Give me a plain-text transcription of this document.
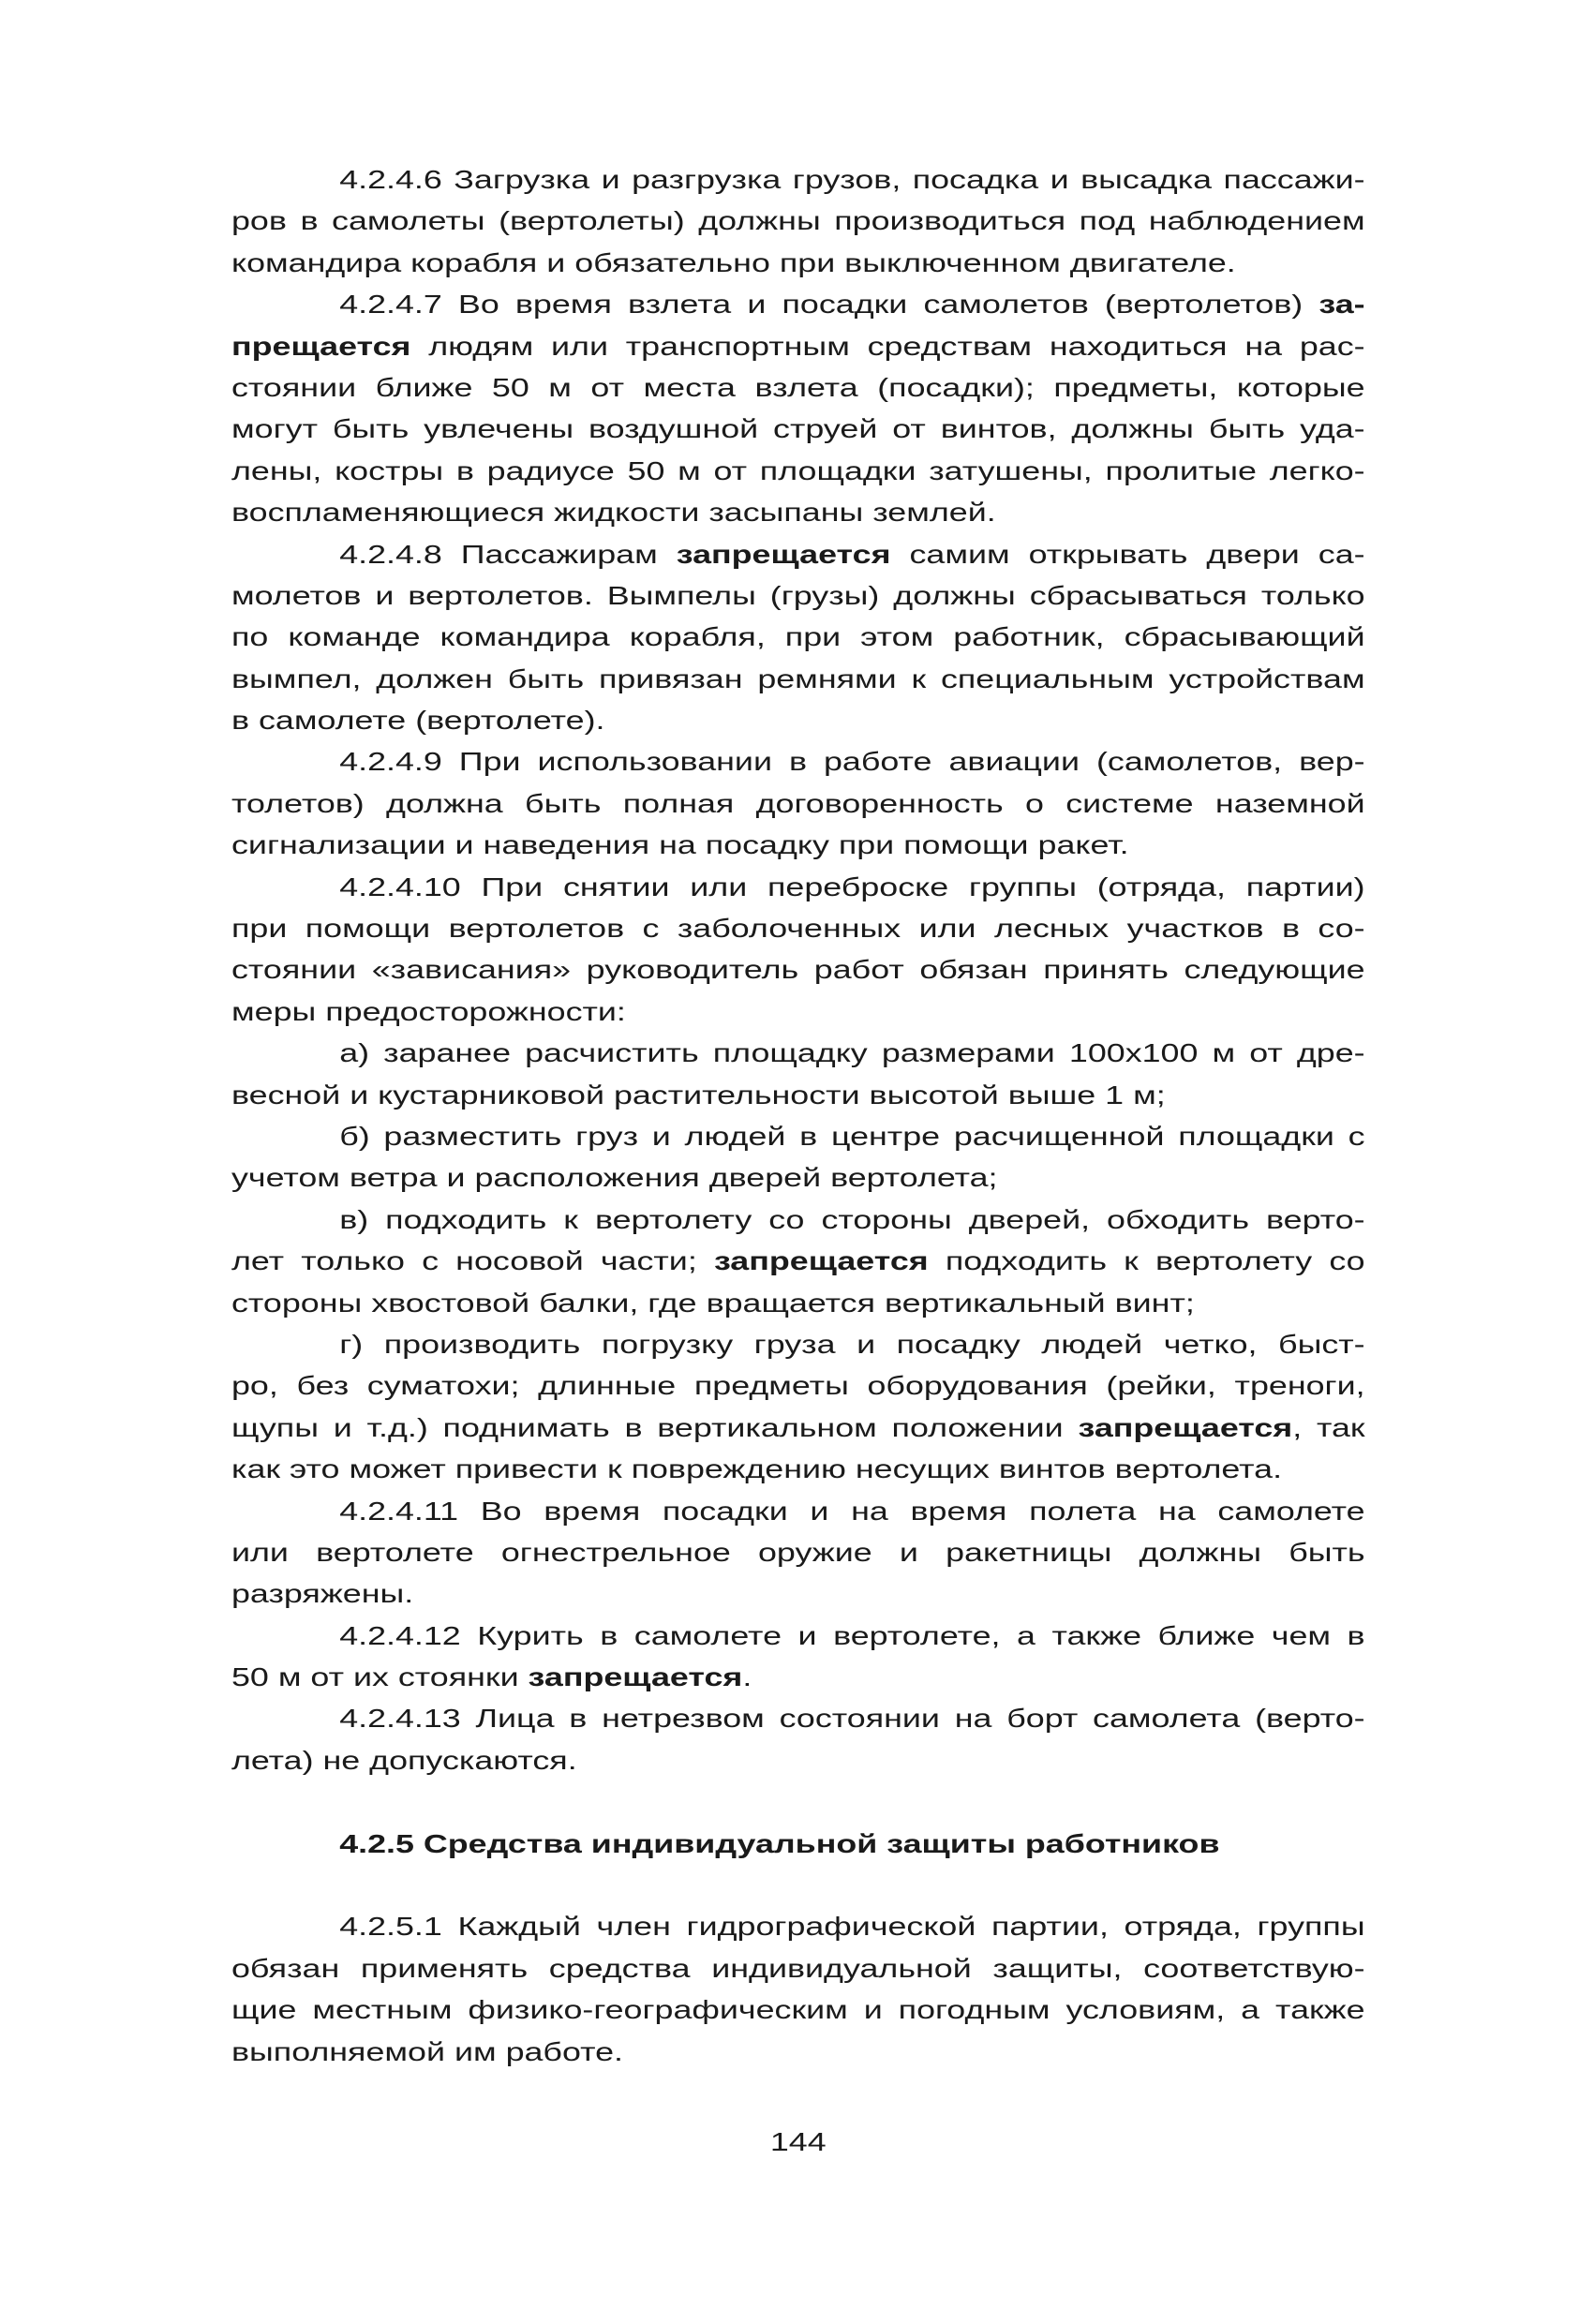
4.2.4.6 Загрузка и разгрузка грузов, посадка и высадка пассажи-
ров в самолеты (вертолеты) должны производиться под наблюдением
командира корабля и обязательно при выключенном двигателе.
4.2.4.7 Во время взлета и посадки самолетов (вертолетов) за-
прещается людям или транспортным средствам находиться на рас-
стоянии ближе 50 м от места взлета (посадки); предметы, которые
могут быть увлечены воздушной струей от винтов, должны быть уда-
лены, костры в радиусе 50 м от площадки затушены, пролитые легко-
воспламеняющиеся жидкости засыпаны землей.
4.2.4.8 Пассажирам запрещается самим открывать двери са-
молетов и вертолетов. Вымпелы (грузы) должны сбрасываться только
по команде командира корабля, при этом работник, сбрасывающий
вымпел, должен быть привязан ремнями к специальным устройствам
в самолете (вертолете).
4.2.4.9 При использовании в работе авиации (самолетов, вер-
толетов) должна быть полная договоренность о системе наземной
сигнализации и наведения на посадку при помощи ракет.
4.2.4.10 При снятии или переброске группы (отряда, партии)
при помощи вертолетов с заболоченных или лесных участков в со-
стоянии «зависания» руководитель работ обязан принять следующие
меры предосторожности:
а) заранее расчистить площадку размерами 100х100 м от дре-
весной и кустарниковой растительности высотой выше 1 м;
б) разместить груз и людей в центре расчищенной площадки с
учетом ветра и расположения дверей вертолета;
в) подходить к вертолету со стороны дверей, обходить верто-
лет только с носовой части; запрещается подходить к вертолету со
стороны хвостовой балки, где вращается вертикальный винт;
г) производить погрузку груза и посадку людей четко, быст-
ро, без суматохи; длинные предметы оборудования (рейки, треноги,
щупы и т.д.) поднимать в вертикальном положении запрещается, так
как это может привести к повреждению несущих винтов вертолета.
4.2.4.11 Во время посадки и на время полета на самолете
или вертолете огнестрельное оружие и ракетницы должны быть
разряжены.
4.2.4.12 Курить в самолете и вертолете, а также ближе чем в
50 м от их стоянки запрещается.
4.2.4.13 Лица в нетрезвом состоянии на борт самолета (верто-
лета) не допускаются.
4.2.5 Средства индивидуальной защиты работников
4.2.5.1 Каждый член гидрографической партии, отряда, группы
обязан применять средства индивидуальной защиты, соответствую-
щие местным физико-географическим и погодным условиям, а также
выполняемой им работе.
144
